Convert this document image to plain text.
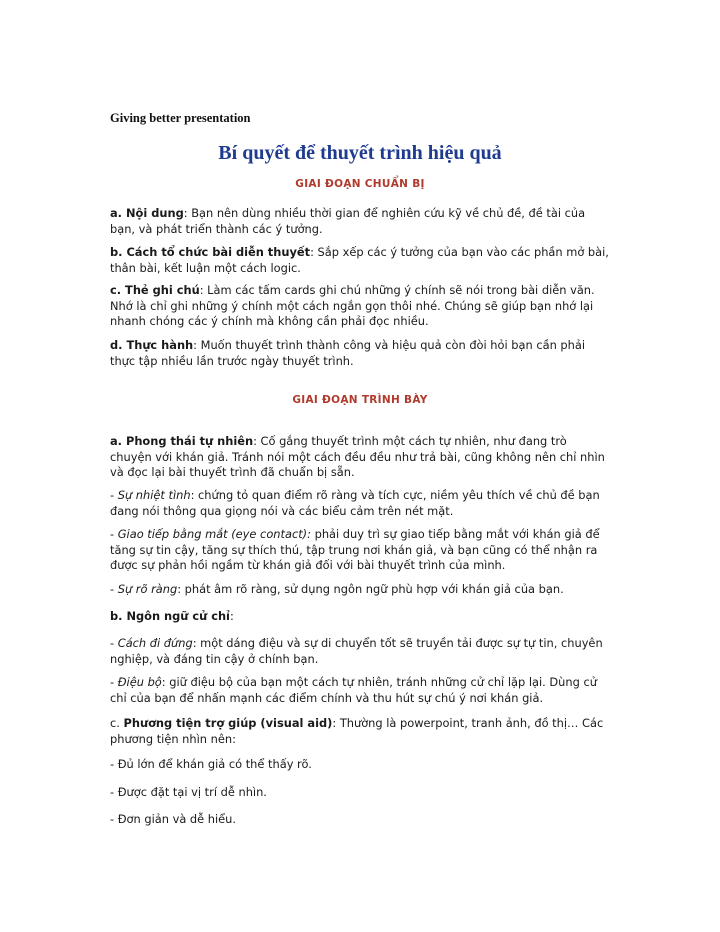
Giving better presentation

Bí quyết để thuyết trình hiệu quả

GIAI ĐOẠN CHUẨN BỊ

a. Nội dung: Bạn nên dùng nhiều thời gian để nghiên cứu kỹ về chủ đề, đề tài của bạn, và phát triển thành các ý tưởng.

b. Cách tổ chức bài diễn thuyết: Sắp xếp các ý tưởng của bạn vào các phần mở bài, thân bài, kết luận một cách logic.

c. Thẻ ghi chú: Làm các tấm cards ghi chú những ý chính sẽ nói trong bài diễn văn. Nhớ là chỉ ghi những ý chính một cách ngắn gọn thôi nhé. Chúng sẽ giúp bạn nhớ lại nhanh chóng các ý chính mà không cần phải đọc nhiều.

d. Thực hành: Muốn thuyết trình thành công và hiệu quả còn đòi hỏi bạn cần phải thực tập nhiều lần trước ngày thuyết trình.

GIAI ĐOẠN TRÌNH BÀY

a. Phong thái tự nhiên: Cố gắng thuyết trình một cách tự nhiên, như đang trò chuyện với khán giả. Tránh nói một cách đều đều như trả bài, cũng không nên chỉ nhìn và đọc lại bài thuyết trình đã chuẩn bị sẵn.

- Sự nhiệt tình: chứng tỏ quan điểm rõ ràng và tích cực, niềm yêu thích về chủ đề bạn đang nói thông qua giọng nói và các biểu cảm trên nét mặt.

- Giao tiếp bằng mắt (eye contact): phải duy trì sự giao tiếp bằng mắt với khán giả để tăng sự tin cậy, tăng sự thích thú, tập trung nơi khán giả, và bạn cũng có thể nhận ra được sự phản hồi ngầm từ khán giả đối với bài thuyết trình của mình.

- Sự rõ ràng: phát âm rõ ràng, sử dụng ngôn ngữ phù hợp với khán giả của bạn.

b. Ngôn ngữ cử chỉ:

- Cách đi đứng: một dáng điệu và sự di chuyển tốt sẽ truyền tải được sự tự tin, chuyên nghiệp, và đáng tin cậy ở chính bạn.

- Điệu bộ: giữ điệu bộ của bạn một cách tự nhiên, tránh những cử chỉ lặp lại. Dùng cử chỉ của bạn để nhấn mạnh các điểm chính và thu hút sự chú ý nơi khán giả.

c. Phương tiện trợ giúp (visual aid): Thường là powerpoint, tranh ảnh, đồ thị… Các phương tiện nhìn nên:

- Đủ lớn để khán giả có thể thấy rõ.

- Được đặt tại vị trí dễ nhìn.

- Đơn giản và dễ hiểu.
